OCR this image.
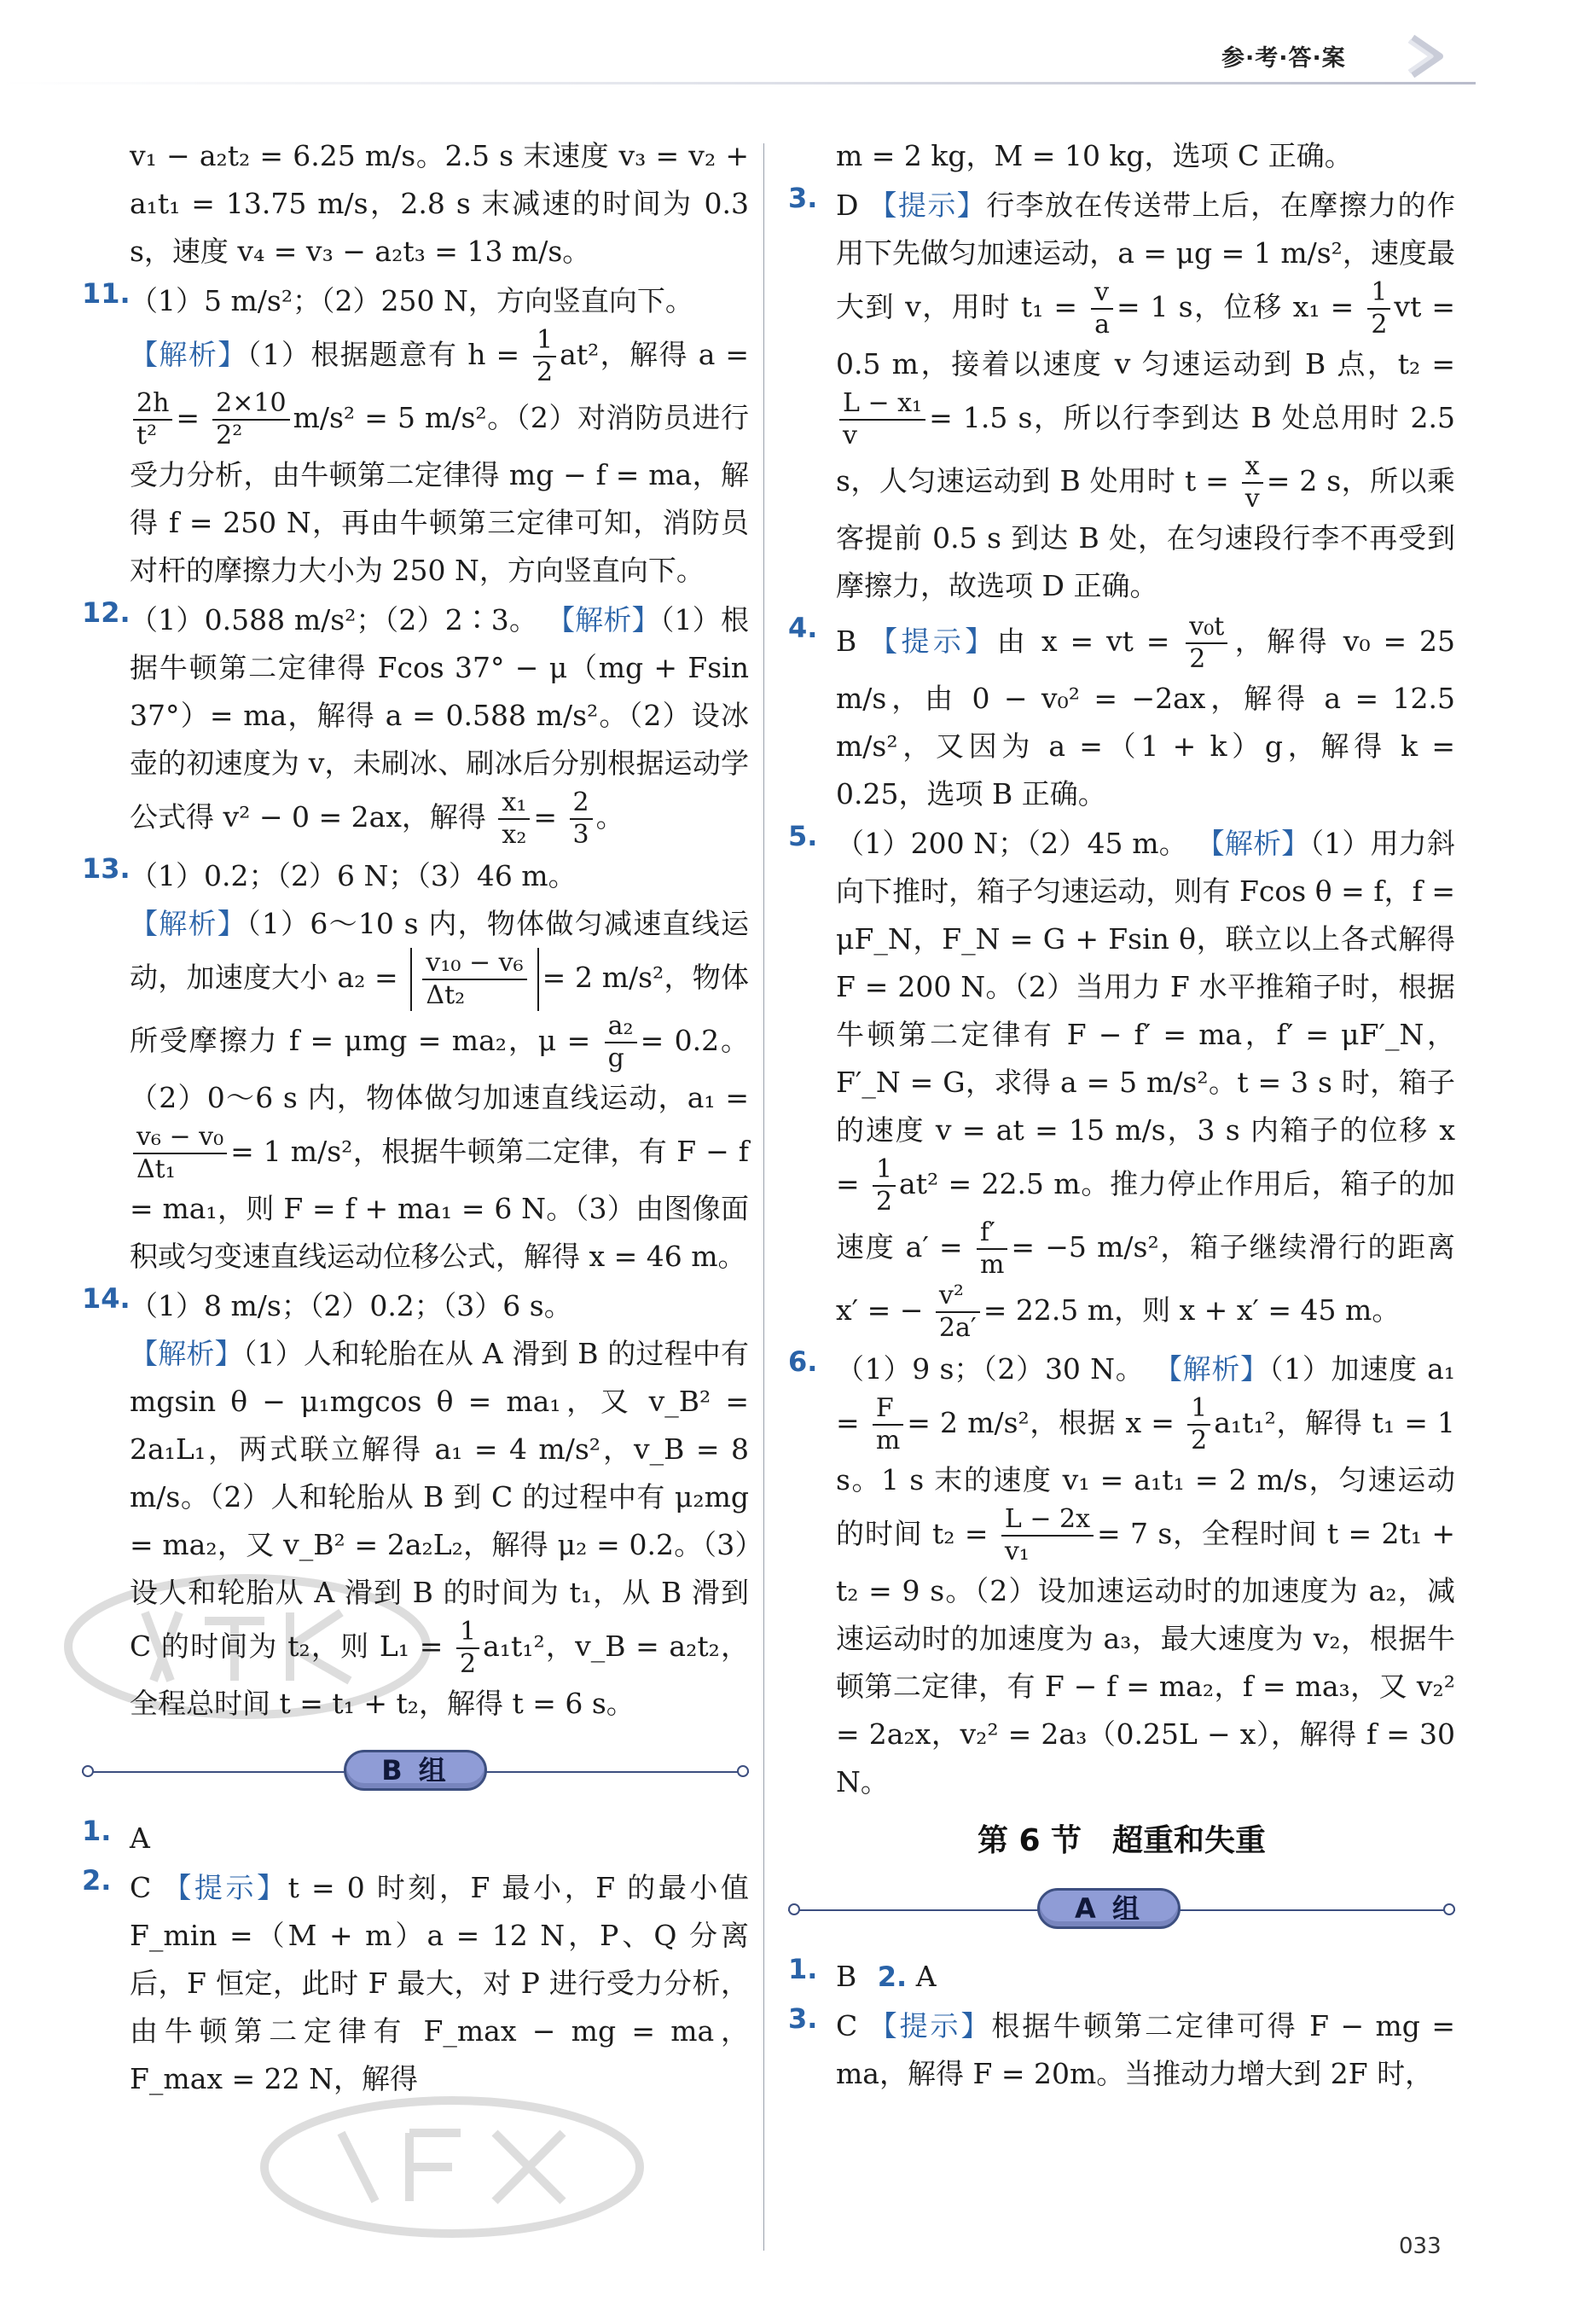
参·考·答·案
v₁ − a₂t₂ = 6.25 m/s。2.5 s 末速度 v₃ = v₂ + a₁t₁ = 13.75 m/s，2.8 s 末减速的时间为 0.3 s，速度 v₄ = v₃ − a₂t₃ = 13 m/s。
11. （1）5 m/s²；（2）250 N，方向竖直向下。
【解析】（1）根据题意有 $h = \frac{1}{2} at^2$，解得 a =
$\frac{2h}{\text{t²}} = \frac{2\times 10}{\text{2²}} m/s^2 = 5$ m/s²。（2）对消防员进行受力分析，由牛顿第二定律得 mg − f = ma，解得 f = 250 N，再由牛顿第三定律可知，消防员对杆的摩擦力大小为 250 N，方向竖直向下。
12. （1）0.588 m/s²；（2）2∶3。 【解析】（1）根据牛顿第二定律得 Fcos 37° − μ（mg + Fsin 37°）= ma，解得 a = 0.588 m/s²。（2）设冰壶的初速度为 v，未刷冰、刷冰后分别根据运动学公式得 v² − 0 = 2ax，解得 $\frac{\text{x₁}}{\text{x₂}} = \frac{2}{3}$ 。
13. （1）0.2；（2）6 N；（3）46 m。
【解析】（1）6～10 s 内，物体做匀减速直线运动，加速度大小 $a_2 = \frac{\text{v₁₀ − v₆}}{\text{Δt₂}} = 2$ m/s²，物体所受摩擦力 f = μmg = ma₂，$\mu = \frac{\text{a₂}}{g} = 0.2$。（2）0～6 s 内，物体做匀加速直线运动，a₁ =
$\frac{\text{v₆ − v₀}}{\text{Δt₁}} = 1$ m/s²，根据牛顿第二定律，有 F − f = ma₁，则 F = f + ma₁ = 6 N。（3）由图像面积或匀变速直线运动位移公式，解得 x = 46 m。
14. （1）8 m/s；（2）0.2；（3）6 s。
【解析】（1）人和轮胎在从 A 滑到 B 的过程中有 mgsin θ − μ₁mgcos θ = ma₁，又 v_B² = 2a₁L₁，两式联立解得 a₁ = 4 m/s²，v_B = 8 m/s。（2）人和轮胎从 B 到 C 的过程中有 μ₂mg = ma₂，又 v_B² = 2a₂L₂，解得 μ₂ = 0.2。（3）设人和轮胎从 A 滑到 B 的时间为 t₁，从 B 滑到 C 的时间为 t₂，则 $L_1 = \frac{1}{2} a_1t_1^2$，v_B = a₂t₂，全程总时间 t = t₁ + t₂，解得 t = 6 s。
B 组
1. A
2. C 【提示】t = 0 时刻，F 最小，F 的最小值 F_min =（M + m）a = 12 N，P、Q 分离后，F 恒定，此时 F 最大，对 P 进行受力分析，由牛顿第二定律有 F_max − mg = ma，F_max = 22 N，解得
m = 2 kg，M = 10 kg，选项 C 正确。
3. D 【提示】行李放在传送带上后，在摩擦力的作用下先做匀加速运动，a = μg = 1 m/s²，速度最大到 v，用时 $t_1 = \frac{v}{a} = 1$ s，位移 $x_1 = \frac{1}{2}$ vt = 0.5 m，接着以速度 v 匀速运动到 B 点，t₂ =
$\frac{\text{L − x₁}}{v} = 1.5$ s，所以行李到达 B 处总用时 2.5 s，人匀速运动到 B 处用时 $t = \frac{x}{v} = 2$ s，所以乘客提前 0.5 s 到达 B 处，在匀速段行李不再受到摩擦力，故选项 D 正确。
4. B 【提示】由 x = vt = $\frac{\text{v₀t}}{2}$ ，解得 v₀ = 25 m/s，由 0 − v₀² = −2ax，解得 a = 12.5 m/s²，又因为 a =（1 + k）g，解得 k = 0.25，选项 B 正确。
5. （1）200 N；（2）45 m。 【解析】（1）用力斜向下推时，箱子匀速运动，则有 Fcos θ = f，f = μF_N，F_N = G + Fsin θ，联立以上各式解得 F = 200 N。（2）当用力 F 水平推箱子时，根据牛顿第二定律有 F − f′ = ma，f′ = μF′_N，F′_N = G，求得 a = 5 m/s²。t = 3 s 时，箱子的速度 v = at = 15 m/s，3 s 内箱子的位移 $x = \frac{1}{2} at^2 = 22.5$ m。推力停止作用后，箱子的加速度 $a' = \frac{f'}{m} = -5$ m/s²，箱子继续滑行的距离 x′ = − $\frac{\text{v²}}{2a'} = 22.5$ m，则 x + x′ = 45 m。
6. （1）9 s；（2）30 N。 【解析】（1）加速度 $a_1 = \frac{F}{m} = 2$ m/s²，根据 $x = \frac{1}{2} a_1t_1^2$，解得 t₁ = 1 s。1 s 末的速度 v₁ = a₁t₁ = 2 m/s，匀速运动的时间 $t_2 = \frac{L - 2x}{\text{v₁}} = 7$ s，全程时间 t = 2t₁ + t₂ = 9 s。（2）设加速运动时的加速度为 a₂，减速运动时的加速度为 a₃，最大速度为 v₂，根据牛顿第二定律，有 F − f = ma₂，f = ma₃，又 v₂² = 2a₂x，v₂² = 2a₃（0.25L − x），解得 f = 30 N。
第 6 节　超重和失重
A 组
1. B 2. A
3. C 【提示】根据牛顿第二定律可得 F − mg = ma，解得 F = 20m。当推动力增大到 2F 时，
033
